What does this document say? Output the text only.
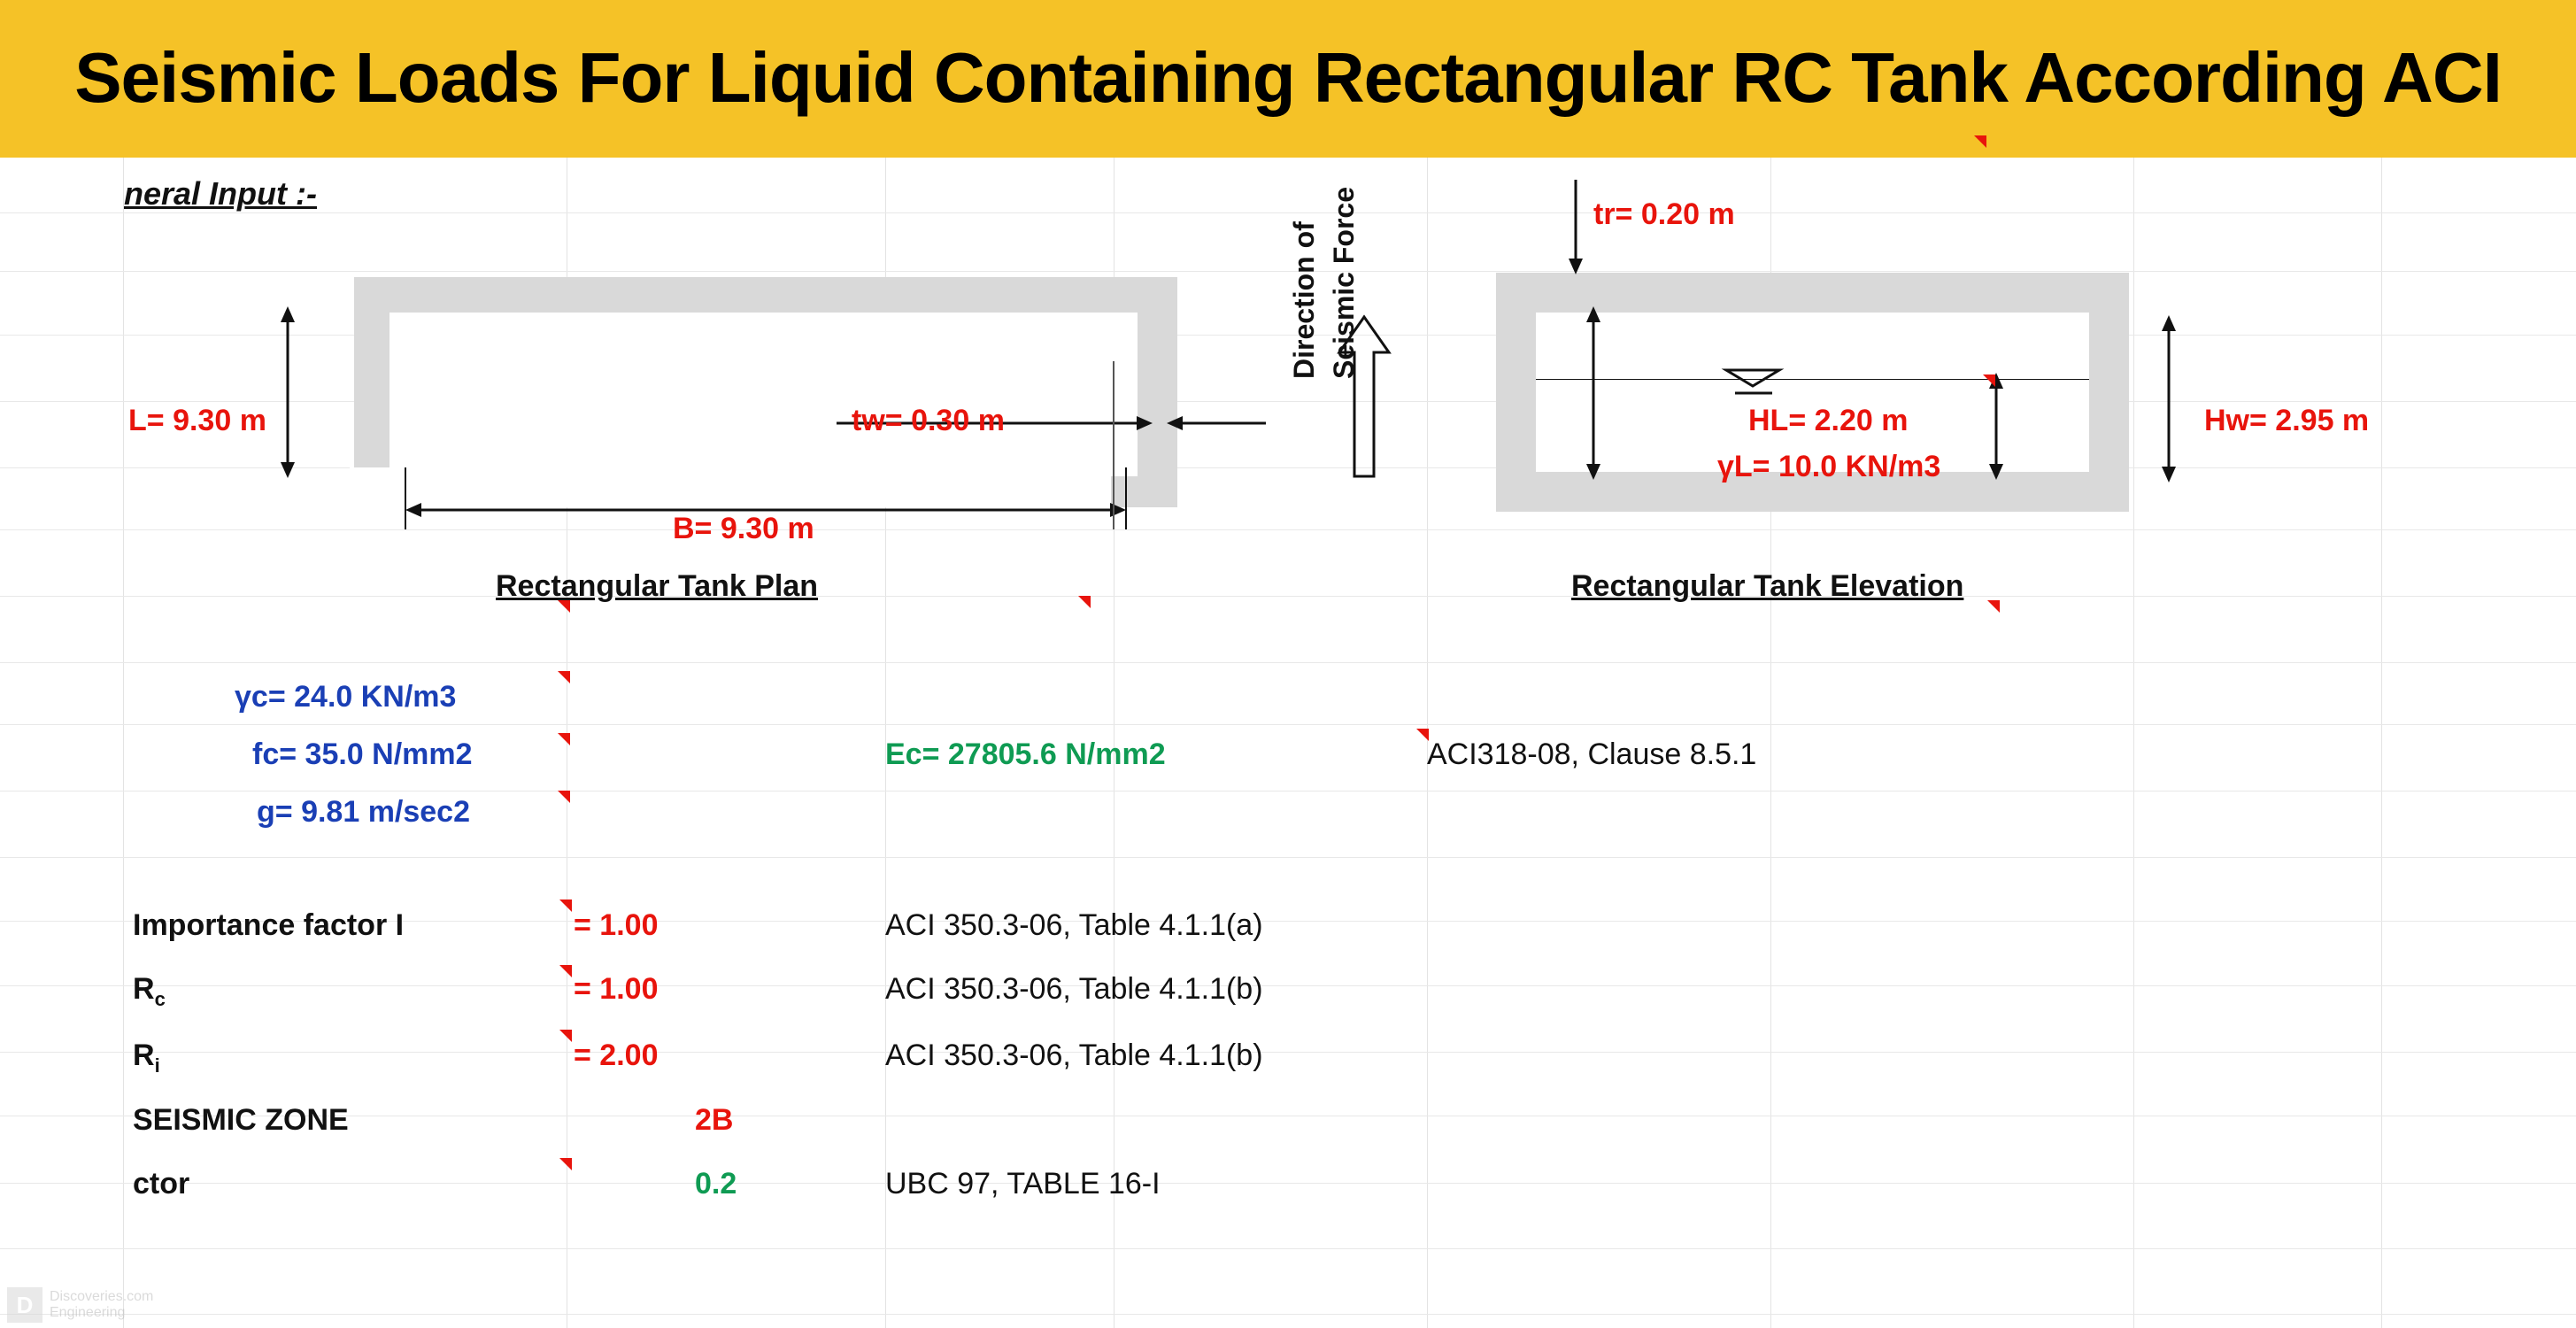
Seismic Loads For Liquid Containing Rectangular RC Tank According ACI
neral Input :-
L= 9.30 m	tw= 0.30 m
B= 9.30 m
Rectangular Tank Plan
Direction of Seismic Force	tr= 0.20 m
HL= 2.20 m
γL= 10.0 KN/m3
Hw= 2.95 m
Rectangular Tank Elevation
γc= 24.0 KN/m3
fc= 35.0 N/mm2
g= 9.81 m/sec2
Ec= 27805.6 N/mm2	ACI318-08, Clause 8.5.1
Importance factor I	= 1.00	ACI 350.3-06, Table 4.1.1(a)
$R_c$	= 1.00	ACI 350.3-06, Table 4.1.1(b)
$R_i$	= 2.00	ACI 350.3-06, Table 4.1.1(b)
SEISMIC ZONE	2B
ctor	0.2	UBC 97, TABLE 16-I
D	Discoveries.com
Engineering
